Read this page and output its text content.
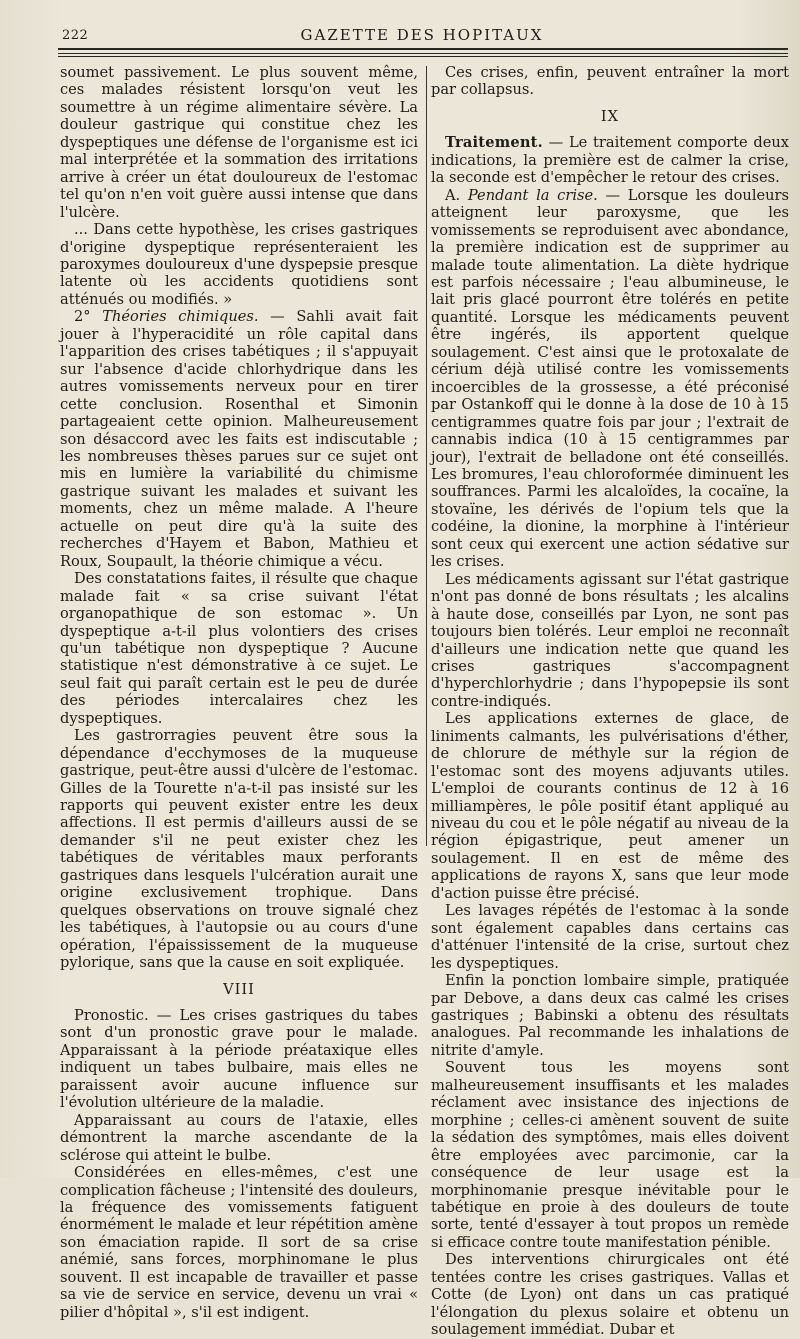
222	GAZETTE DES HOPITAUX

soumet passivement. Le plus souvent même, ces malades résistent lorsqu'on veut les soumettre à un régime alimentaire sévère. La douleur gastrique qui constitue chez les dyspeptiques une défense de l'organisme est ici mal interprétée et la sommation des irritations arrive à créer un état douloureux de l'estomac tel qu'on n'en voit guère aussi intense que dans l'ulcère.

... Dans cette hypothèse, les crises gastriques d'origine dyspeptique représenteraient les paroxymes douloureux d'une dyspepsie presque latente où les accidents quotidiens sont atténués ou modifiés. »

2° Théories chimiques. — Sahli avait fait jouer à l'hyperacidité un rôle capital dans l'apparition des crises tabétiques ; il s'appuyait sur l'absence d'acide chlorhydrique dans les autres vomissements nerveux pour en tirer cette conclusion. Rosenthal et Simonin partageaient cette opinion. Malheureusement son désaccord avec les faits est indiscutable ; les nombreuses thèses parues sur ce sujet ont mis en lumière la variabilité du chimisme gastrique suivant les malades et suivant les moments, chez un même malade. A l'heure actuelle on peut dire qu'à la suite des recherches d'Hayem et Babon, Mathieu et Roux, Soupault, la théorie chimique a vécu.

Des constatations faites, il résulte que chaque malade fait « sa crise suivant l'état organopathique de son estomac ». Un dyspeptique a-t-il plus volontiers des crises qu'un tabétique non dyspeptique ? Aucune statistique n'est démonstrative à ce sujet. Le seul fait qui paraît certain est le peu de durée des périodes intercalaires chez les dyspeptiques.

Les gastrorragies peuvent être sous la dépendance d'ecchymoses de la muqueuse gastrique, peut-être aussi d'ulcère de l'estomac. Gilles de la Tourette n'a-t-il pas insisté sur les rapports qui peuvent exister entre les deux affections. Il est permis d'ailleurs aussi de se demander s'il ne peut exister chez les tabétiques de véritables maux perforants gastriques dans lesquels l'ulcération aurait une origine exclusivement trophique. Dans quelques observations on trouve signalé chez les tabétiques, à l'autopsie ou au cours d'une opération, l'épaississement de la muqueuse pylorique, sans que la cause en soit expliquée.

VIII

Pronostic. — Les crises gastriques du tabes sont d'un pronostic grave pour le malade. Apparaissant à la période préataxique elles indiquent un tabes bulbaire, mais elles ne paraissent avoir aucune influence sur l'évolution ultérieure de la maladie.

Apparaissant au cours de l'ataxie, elles démontrent la marche ascendante de la sclérose qui atteint le bulbe.

Considérées en elles-mêmes, c'est une complication fâcheuse ; l'intensité des douleurs, la fréquence des vomissements fatiguent énormément le malade et leur répétition amène son émaciation rapide. Il sort de sa crise anémié, sans forces, morphinomane le plus souvent. Il est incapable de travailler et passe sa vie de service en service, devenu un vrai « pilier d'hôpital », s'il est indigent.

Ces crises, enfin, peuvent entraîner la mort par collapsus.

IX

Traitement. — Le traitement comporte deux indications, la première est de calmer la crise, la seconde est d'empêcher le retour des crises.

A. Pendant la crise. — Lorsque les douleurs atteignent leur paroxysme, que les vomissements se reproduisent avec abondance, la première indication est de supprimer au malade toute alimentation. La diète hydrique est parfois nécessaire ; l'eau albumineuse, le lait pris glacé pourront être tolérés en petite quantité. Lorsque les médicaments peuvent être ingérés, ils apportent quelque soulagement. C'est ainsi que le protoxalate de cérium déjà utilisé contre les vomissements incoercibles de la grossesse, a été préconisé par Ostankoff qui le donne à la dose de 10 à 15 centigrammes quatre fois par jour ; l'extrait de cannabis indica (10 à 15 centigrammes par jour), l'extrait de belladone ont été conseillés. Les bromures, l'eau chloroformée diminuent les souffrances. Parmi les alcaloïdes, la cocaïne, la stovaïne, les dérivés de l'opium tels que la codéine, la dionine, la morphine à l'intérieur sont ceux qui exercent une action sédative sur les crises.

Les médicaments agissant sur l'état gastrique n'ont pas donné de bons résultats ; les alcalins à haute dose, conseillés par Lyon, ne sont pas toujours bien tolérés. Leur emploi ne reconnaît d'ailleurs une indication nette que quand les crises gastriques s'accompagnent d'hyperchlorhydrie ; dans l'hypopepsie ils sont contre-indiqués.

Les applications externes de glace, de liniments calmants, les pulvérisations d'éther, de chlorure de méthyle sur la région de l'estomac sont des moyens adjuvants utiles. L'emploi de courants continus de 12 à 16 milliampères, le pôle positif étant appliqué au niveau du cou et le pôle négatif au niveau de la région épigastrique, peut amener un soulagement. Il en est de même des applications de rayons X, sans que leur mode d'action puisse être précisé.

Les lavages répétés de l'estomac à la sonde sont également capables dans certains cas d'atténuer l'intensité de la crise, surtout chez les dyspeptiques.

Enfin la ponction lombaire simple, pratiquée par Debove, a dans deux cas calmé les crises gastriques ; Babinski a obtenu des résultats analogues. Pal recommande les inhalations de nitrite d'amyle.

Souvent tous les moyens sont malheureusement insuffisants et les malades réclament avec insistance des injections de morphine ; celles-ci amènent souvent de suite la sédation des symptômes, mais elles doivent être employées avec parcimonie, car la conséquence de leur usage est la morphinomanie presque inévitable pour le tabétique en proie à des douleurs de toute sorte, tenté d'essayer à tout propos un remède si efficace contre toute manifestation pénible.

Des interventions chirurgicales ont été tentées contre les crises gastriques. Vallas et Cotte (de Lyon) ont dans un cas pratiqué l'élongation du plexus solaire et obtenu un soulagement immédiat. Dubar et
